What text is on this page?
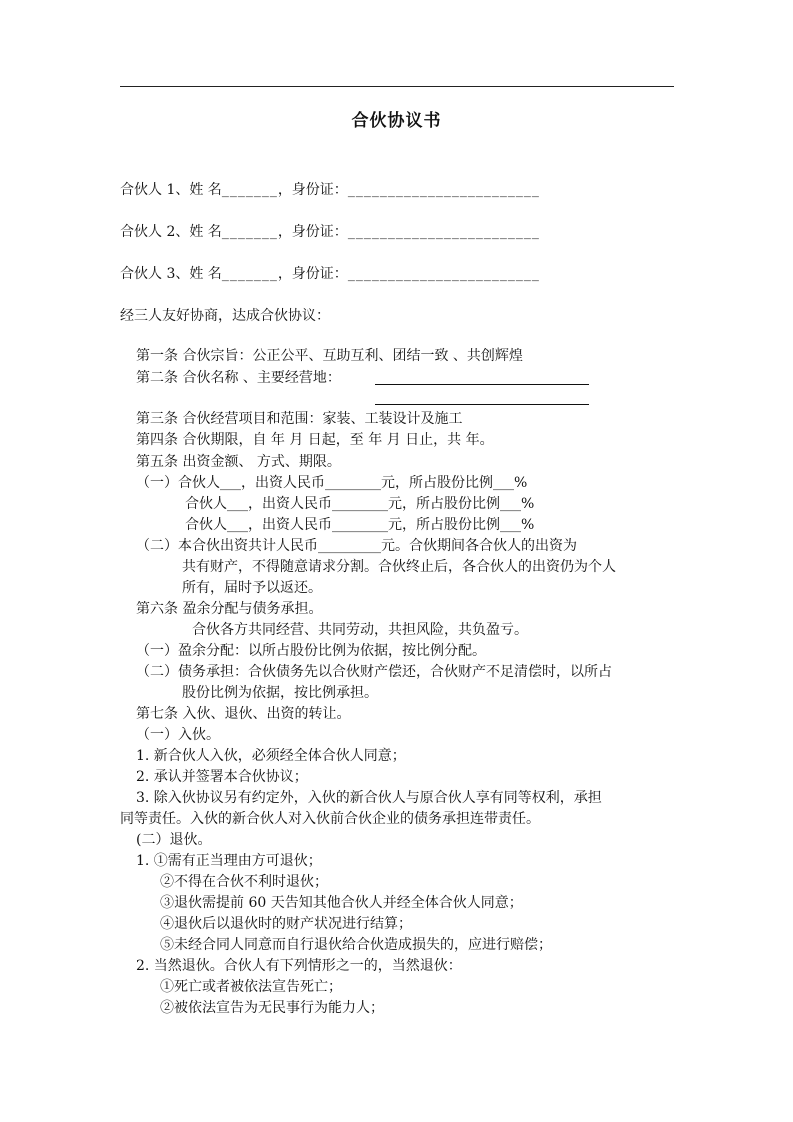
合伙协议书
合伙人 1、姓 名_______，身份证：________________________
合伙人 2、姓 名_______，身份证：________________________
合伙人 3、姓 名_______，身份证：________________________
经三人友好协商，达成合伙协议：
第一条 合伙宗旨：公正公平、互助互利、团结一致 、共创辉煌
第二条 合伙名称 、主要经营地：
第三条 合伙经营项目和范围：家装、工装设计及施工
第四条 合伙期限，自 年 月 日起，至 年 月 日止，共 年。
第五条 出资金额、 方式、期限。
（一）合伙人___，出资人民币________元，所占股份比例___%
合伙人___，出资人民币________元，所占股份比例___%
合伙人___，出资人民币________元，所占股份比例___%
（二）本合伙出资共计人民币_________元。合伙期间各合伙人的出资为
共有财产，不得随意请求分割。合伙终止后，各合伙人的出资仍为个人
所有，届时予以返还。
第六条 盈余分配与债务承担。
合伙各方共同经营、共同劳动，共担风险，共负盈亏。
（一）盈余分配：以所占股份比例为依据，按比例分配。
（二）债务承担：合伙债务先以合伙财产偿还，合伙财产不足清偿时，以所占
股份比例为依据，按比例承担。
第七条 入伙、退伙、出资的转让。
（一）入伙。
1. 新合伙人入伙，必须经全体合伙人同意；
2. 承认并签署本合伙协议；
3. 除入伙协议另有约定外，入伙的新合伙人与原合伙人享有同等权利，承担
同等责任。入伙的新合伙人对入伙前合伙企业的债务承担连带责任。
(二）退伙。
1. ①需有正当理由方可退伙；
②不得在合伙不利时退伙；
③退伙需提前 60 天告知其他合伙人并经全体合伙人同意；
④退伙后以退伙时的财产状况进行结算；
⑤未经合同人同意而自行退伙给合伙造成损失的，应进行赔偿；
2. 当然退伙。合伙人有下列情形之一的，当然退伙：
①死亡或者被依法宣告死亡；
②被依法宣告为无民事行为能力人；
